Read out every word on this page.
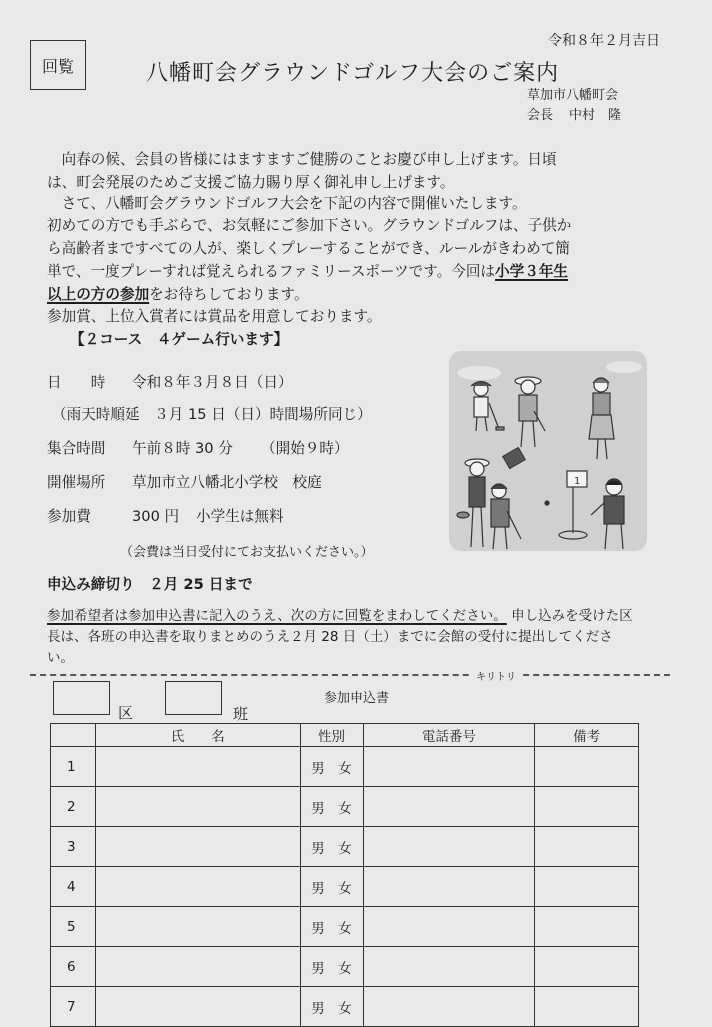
令和８年２月吉日
回覧	八幡町会グラウンドゴルフ大会のご案内
草加市八幡町会
会長 中村　隆
向春の候、会員の皆様にはますますご健勝のことお慶び申し上げます。日頃
は、町会発展のためご支援ご協力賜り厚く御礼申し上げます。
さて、八幡町会グラウンドゴルフ大会を下記の内容で開催いたします。
初めての方でも手ぶらで、お気軽にご参加下さい。グラウンドゴルフは、子供か
ら高齢者まですべての人が、楽しくプレーすることができ、ルールがきわめて簡
単で、一度プレーすれば覚えられるファミリースポーツです。今回は小学３年生
以上の方の参加をお待ちしております。
参加賞、上位入賞者には賞品を用意しております。
【２コース　４ゲーム行います】
日　　時 令和８年３月８日（日）
（雨天時順延　３月 15 日（日）時間場所同じ）
集合時間 午前８時 30 分 （開始９時）
開催場所 草加市立八幡北小学校　校庭
参加費	300 円 小学生は無料
（会費は当日受付にてお支払いください。）
申込み締切り　２月 25 日まで
1
参加希望者は参加申込書に記入のうえ、次の方に回覧をまわしてください。 申し込みを受けた区
長は、各班の申込書を取りまとめのうえ２月 28 日（土）までに会館の受付に提出してくださ
い。
キリトリ
区	班
参加申込書
	氏　　名	性別	電話番号	備考
1		男　女		
2		男　女		
3		男　女		
4		男　女		
5		男　女		
6		男　女		
7		男　女		
